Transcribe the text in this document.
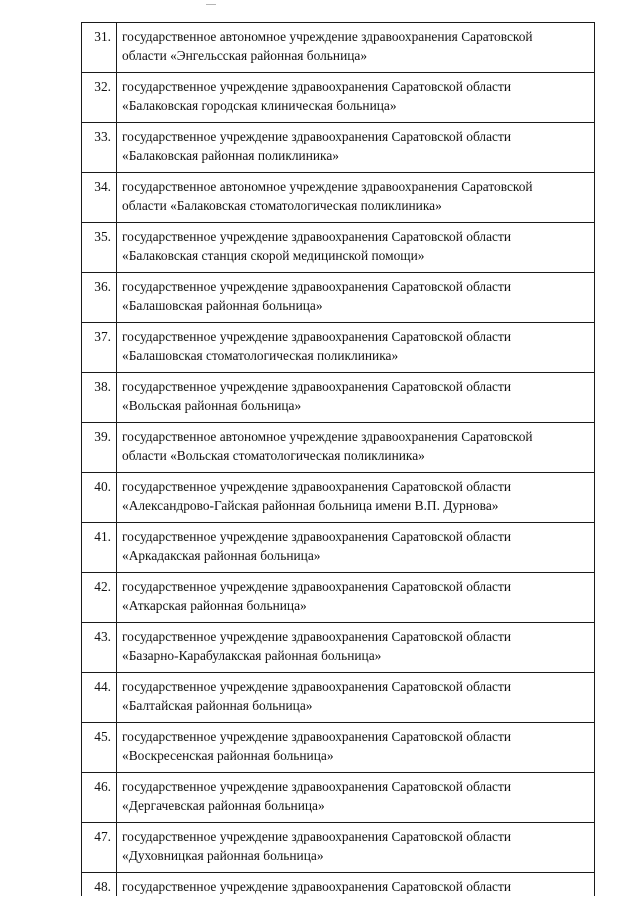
31.	государственное автономное учреждение здравоохранения Саратовской
области «Энгельсская районная больница»

32.	государственное учреждение здравоохранения Саратовской области
«Балаковская городская клиническая больница»

33.	государственное учреждение здравоохранения Саратовской области
«Балаковская районная поликлиника»

34.	государственное автономное учреждение здравоохранения Саратовской
области «Балаковская стоматологическая поликлиника»

35.	государственное учреждение здравоохранения Саратовской области
«Балаковская станция скорой медицинской помощи»

36.	государственное учреждение здравоохранения Саратовской области
«Балашовская районная больница»

37.	государственное учреждение здравоохранения Саратовской области
«Балашовская стоматологическая поликлиника»

38.	государственное учреждение здравоохранения Саратовской области
«Вольская районная больница»

39.	государственное автономное учреждение здравоохранения Саратовской
области «Вольская стоматологическая поликлиника»

40.	государственное учреждение здравоохранения Саратовской области
«Александрово-Гайская районная больница имени В.П. Дурнова»

41.	государственное учреждение здравоохранения Саратовской области
«Аркадакская районная больница»

42.	государственное учреждение здравоохранения Саратовской области
«Аткарская районная больница»

43.	государственное учреждение здравоохранения Саратовской области
«Базарно-Карабулакская районная больница»

44.	государственное учреждение здравоохранения Саратовской области
«Балтайская районная больница»

45.	государственное учреждение здравоохранения Саратовской области
«Воскресенская районная больница»

46.	государственное учреждение здравоохранения Саратовской области
«Дергачевская районная больница»

47.	государственное учреждение здравоохранения Саратовской области
«Духовницкая районная больница»

48.	государственное учреждение здравоохранения Саратовской области
